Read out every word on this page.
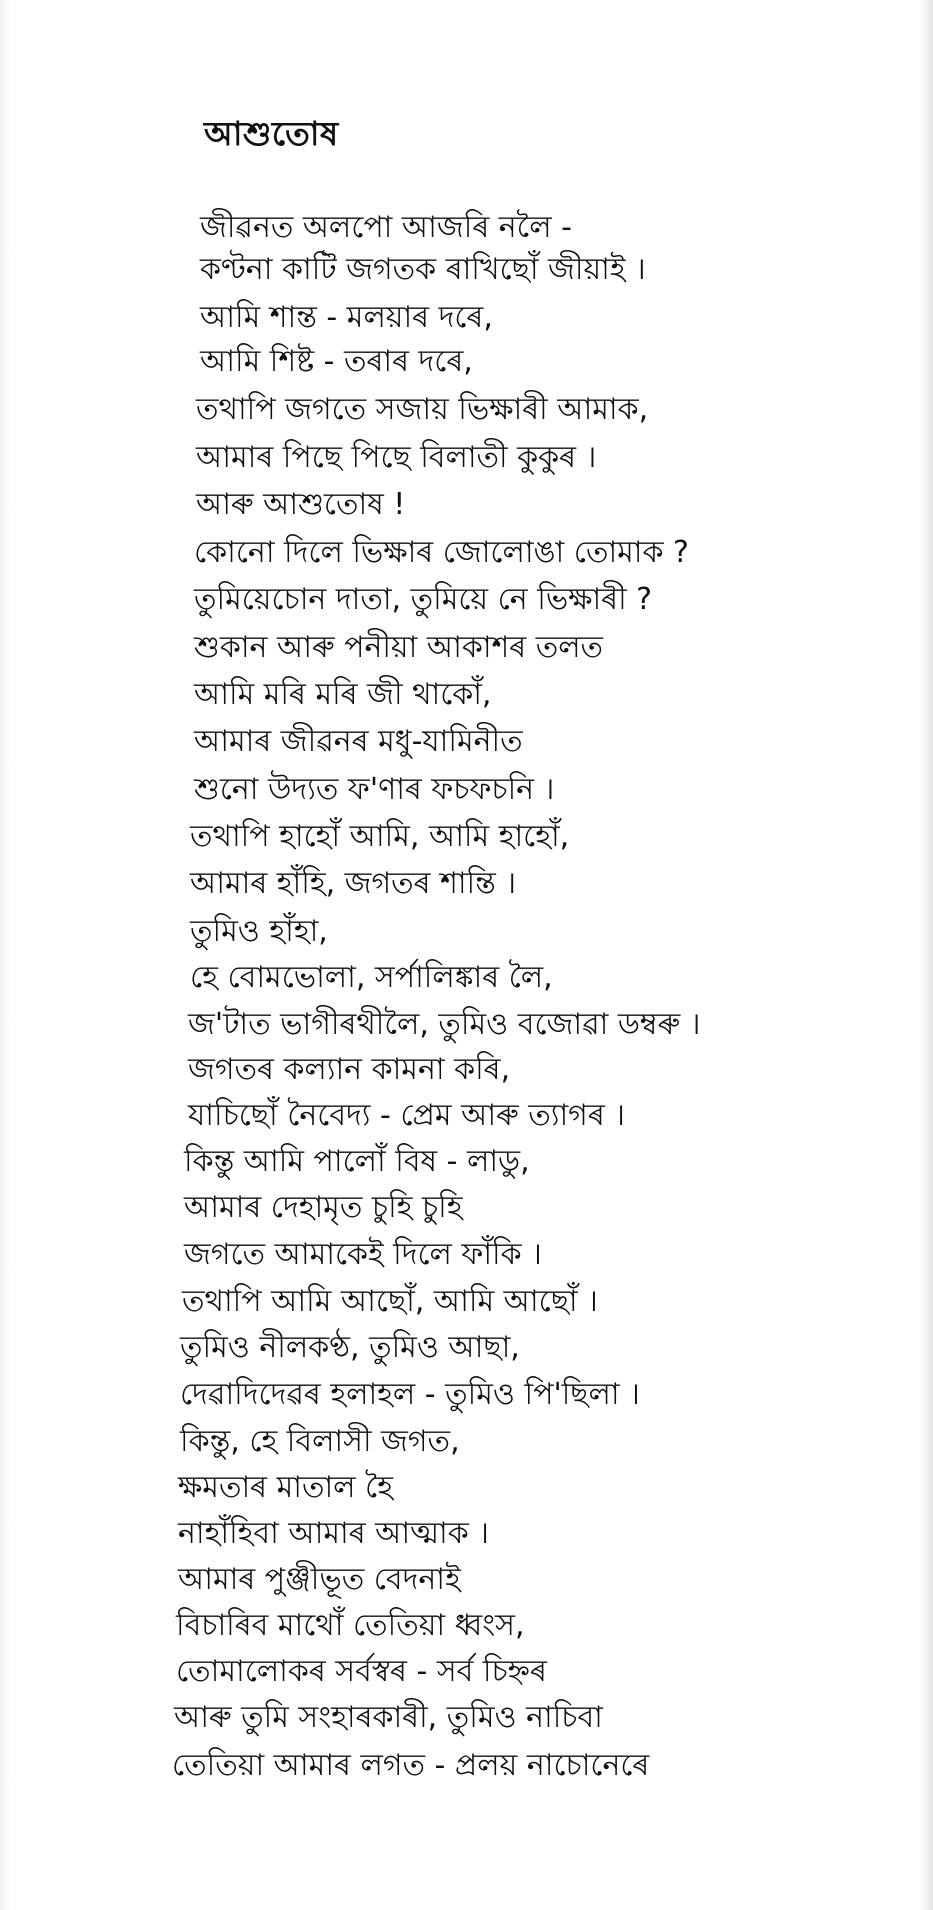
আশুতোষ
জীৱনত অলপো আজৰি নলৈ -
কণ্টনা কাটি জগতক ৰাখিছোঁ জীয়াই ।
আমি শান্ত - মলয়াৰ দৰে,
আমি শিষ্ট - তৰাৰ দৰে,
তথাপি জগতে সজায় ভিক্ষাৰী আমাক,
আমাৰ পিছে পিছে বিলাতী কুকুৰ ।
আৰু আশুতোষ !
কোনো দিলে ভিক্ষাৰ জোলোঙা তোমাক ?
তুমিয়েচোন দাতা, তুমিয়ে নে ভিক্ষাৰী ?
শুকান আৰু পনীয়া আকাশৰ তলত
আমি মৰি মৰি জী থাকোঁ,
আমাৰ জীৱনৰ মধু-যামিনীত
শুনো উদ্যত ফ'ণাৰ ফচফচনি ।
তথাপি হাহোঁ আমি, আমি হাহোঁ,
আমাৰ হাঁহি, জগতৰ শান্তি ।
তুমিও হাঁহা,
হে বোমভোলা, সৰ্পালিঙ্কাৰ লৈ,
জ'টাত ভাগীৰথীলৈ, তুমিও বজোৱা ডম্বৰু ।
জগতৰ কল্যান কামনা কৰি,
যাচিছোঁ নৈবেদ্য - প্ৰেম আৰু ত্যাগৰ ।
কিন্তু আমি পালোঁ বিষ - লাডু,
আমাৰ দেহামৃত চুহি চুহি
জগতে আমাকেই দিলে ফাঁকি ।
তথাপি আমি আছোঁ, আমি আছোঁ ।
তুমিও নীলকণ্ঠ, তুমিও আছা,
দেৱাদিদেৱৰ হলাহল - তুমিও পি'ছিলা ।
কিন্তু, হে বিলাসী জগত,
ক্ষমতাৰ মাতাল হৈ
নাহাঁহিবা আমাৰ আত্মাক ।
আমাৰ পুঞ্জীভূত বেদনাই
বিচাৰিব মাথোঁ তেতিয়া ধ্বংস,
তোমালোকৰ সৰ্বস্বৰ - সৰ্ব চিহ্নৰ
আৰু তুমি সংহাৰকাৰী, তুমিও নাচিবা
তেতিয়া আমাৰ লগত - প্ৰলয় নাচোনেৰে
